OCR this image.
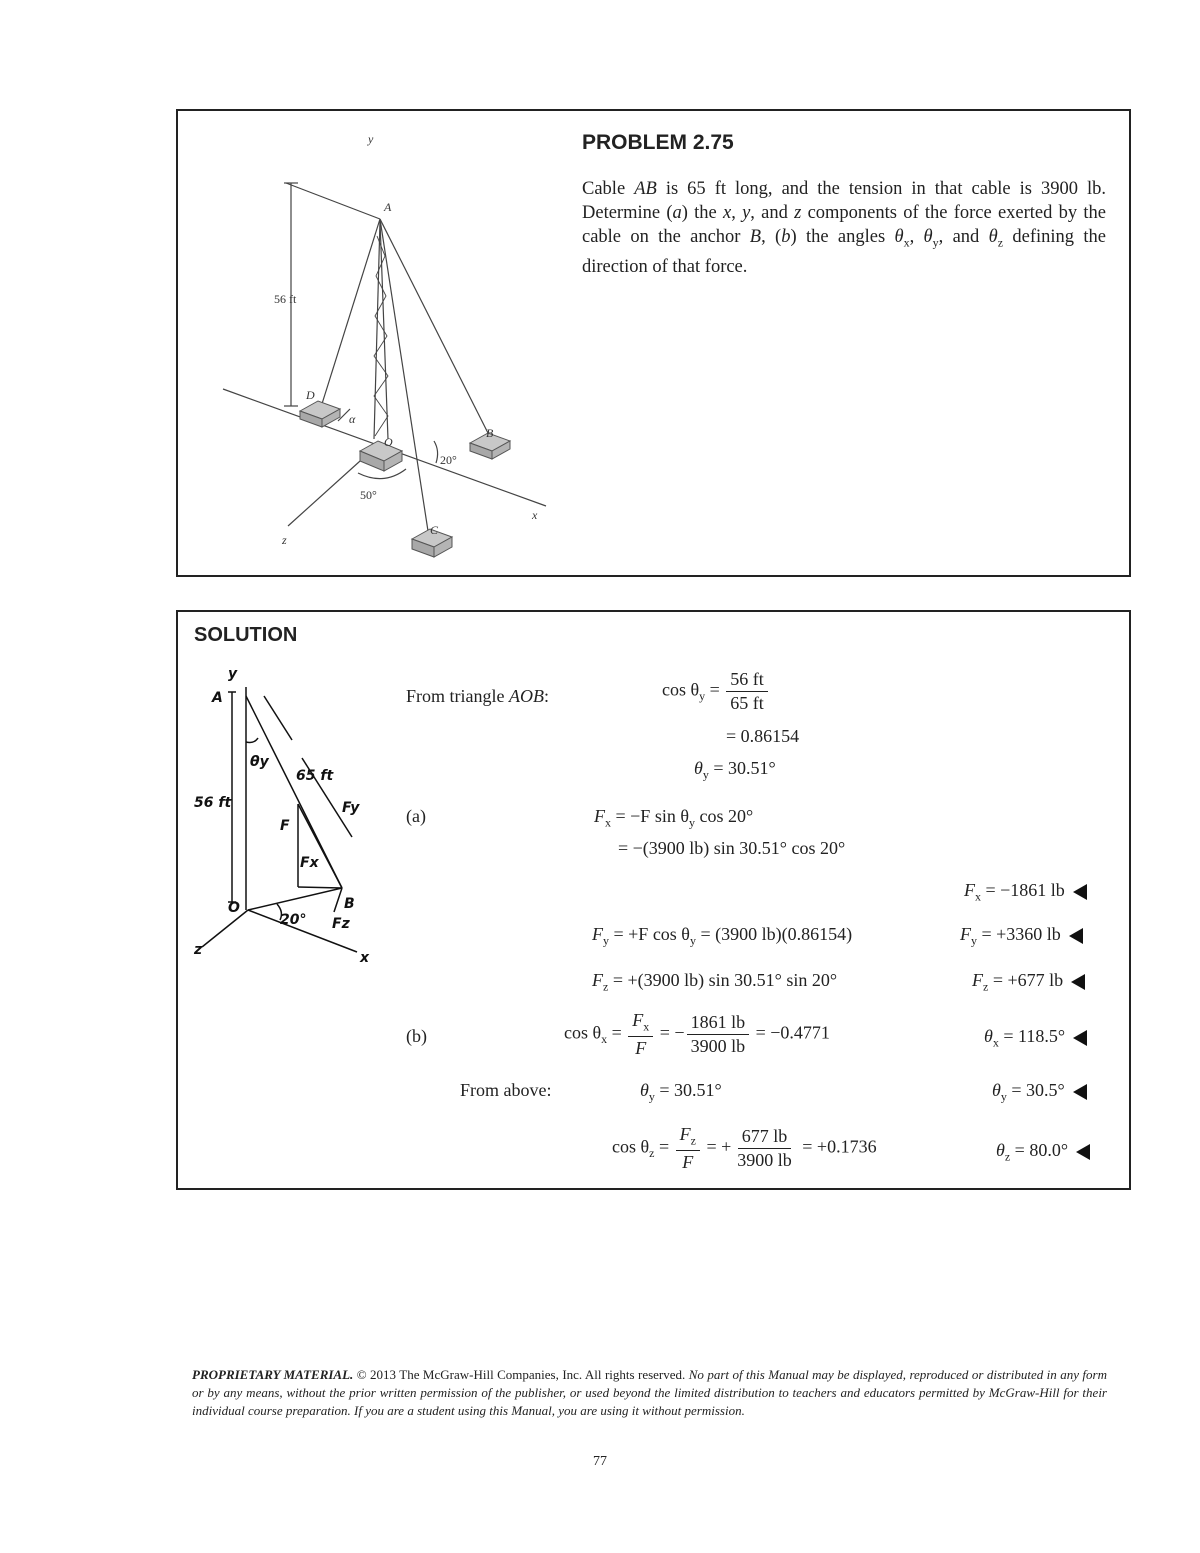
y
A
56 ft
D
α
O
B
20°
50°
C
x
z
PROBLEM 2.75
Cable AB is 65 ft long, and the tension in that cable is 3900 lb. Determine (a) the x, y, and z components of the force exerted by the cable on the anchor B, (b) the angles $\theta_x$, $\theta_y$, and $\theta_z$ defining the direction of that force.
SOLUTION
y
A
θy
65 ft
56 ft
F
Fy
Fx
O	B
20° Fz
z	x
From triangle AOB:	$\cos \theta_y = \frac{56 ft}{65 ft}$
= 0.86154
$\theta_y = 30.51^\circ$
(a)	$F_x = -F$ $\sin \theta_y$ cos 20°
= −(3900 lb) sin 30.51° cos 20°
$F_x = -1861$ lb
$F_y = +F$ $\cos \theta_y = (3900$ lb)(0.86154)	$F_y = +3360$ lb
$F_z = +(3900$ lb) sin 30.51° sin 20°	$F_z = +677$ lb
(b)	$\cos \theta_x = \frac{F_x}{F}$ = − $\frac{1861 lb}{3900 lb} = -0.4771$	$\theta_x = 118.5^\circ$
From above:	$\theta_y = 30.51^\circ$	$\theta_y = 30.5^\circ$
$\cos \theta_z = \frac{F_z}{F}$ = + $\frac{677 lb}{3900 lb} = +0.1736$	$\theta_z = 80.0^\circ$
PROPRIETARY MATERIAL. © 2013 The McGraw-Hill Companies, Inc. All rights reserved. No part of this Manual may be displayed, reproduced or distributed in any form or by any means, without the prior written permission of the publisher, or used beyond the limited distribution to teachers and educators permitted by McGraw-Hill for their individual course preparation. If you are a student using this Manual, you are using it without permission.
77
